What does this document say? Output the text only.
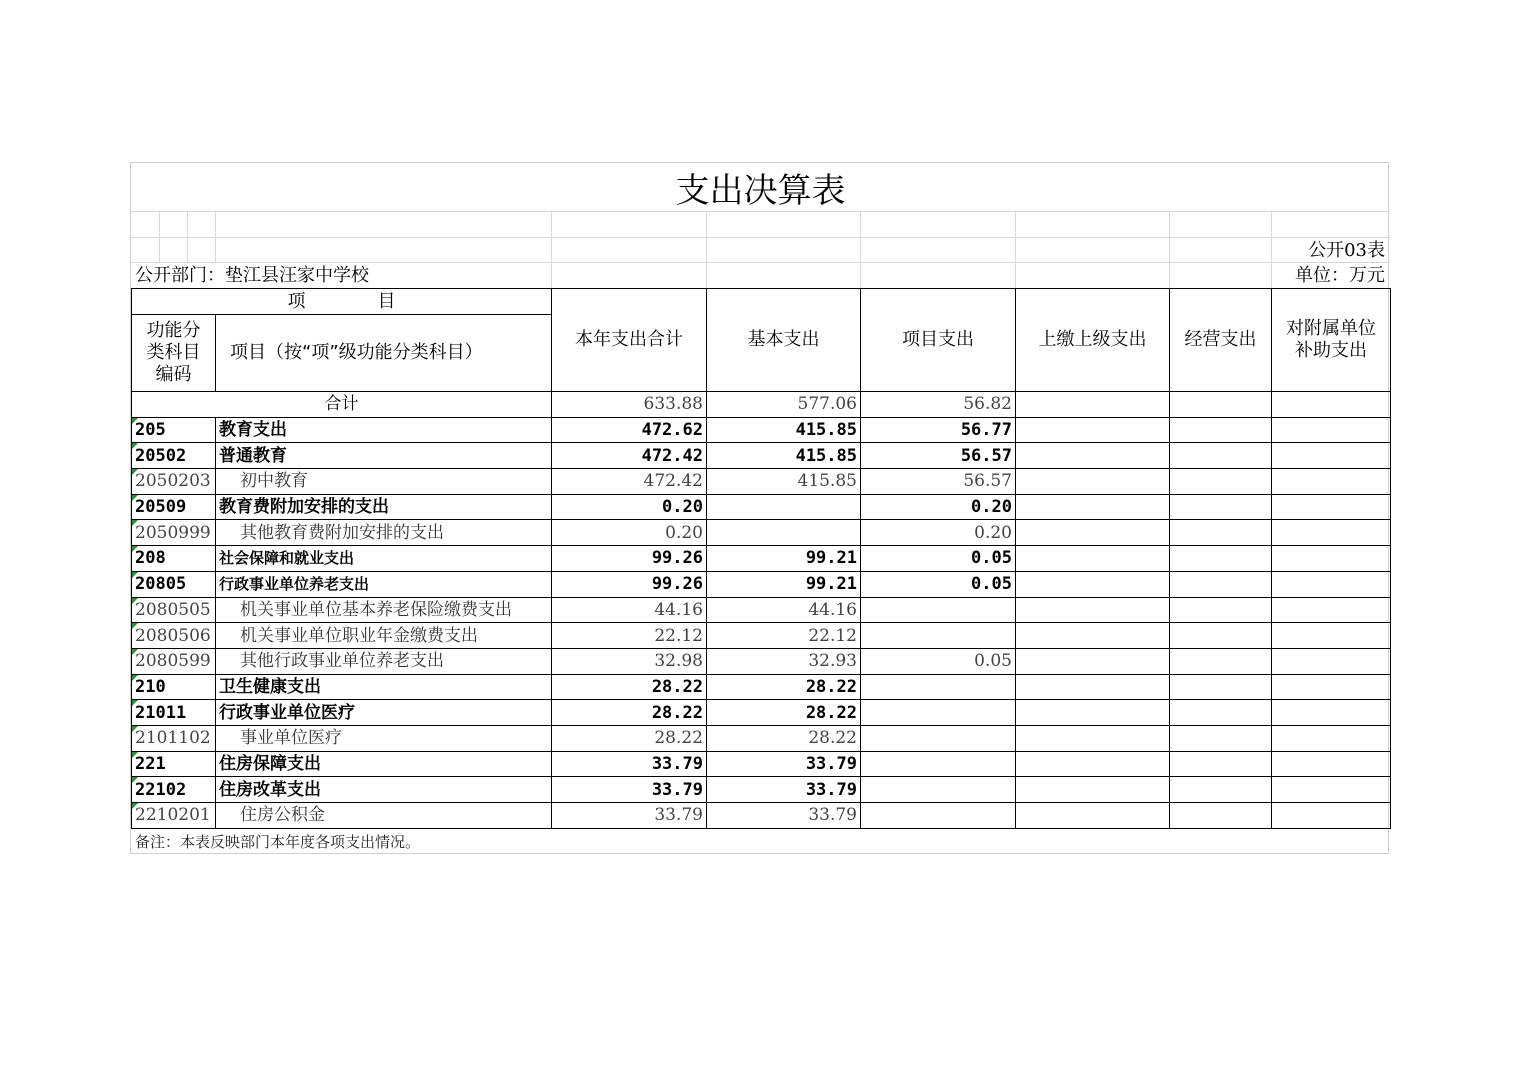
支出决算表
公开03表
公开部门：垫江县汪家中学校	单位：万元
项　　　　目		本年支出合计	基本支出	项目支出	上缴上级支出	经营支出	对附属单位补助支出
功能分类科目编码	项目（按“项”级功能分类科目）						
合计		633.88	577.06	56.82			

205	教育支出	472.62	415.85	56.77			

20502	普通教育	472.42	415.85	56.57			

2050203	初中教育	472.42	415.85	56.57			

20509	教育费附加安排的支出	0.20		0.20			

2050999	其他教育费附加安排的支出	0.20		0.20			

208	社会保障和就业支出	99.26	99.21	0.05			

20805	行政事业单位养老支出	99.26	99.21	0.05			

2080505	机关事业单位基本养老保险缴费支出	44.16	44.16				

2080506	机关事业单位职业年金缴费支出	22.12	22.12				

2080599	其他行政事业单位养老支出	32.98	32.93	0.05			

210	卫生健康支出	28.22	28.22				

21011	行政事业单位医疗	28.22	28.22				

2101102	事业单位医疗	28.22	28.22				

221	住房保障支出	33.79	33.79				

22102	住房改革支出	33.79	33.79				

2210201	住房公积金	33.79	33.79				
备注：本表反映部门本年度各项支出情况。
